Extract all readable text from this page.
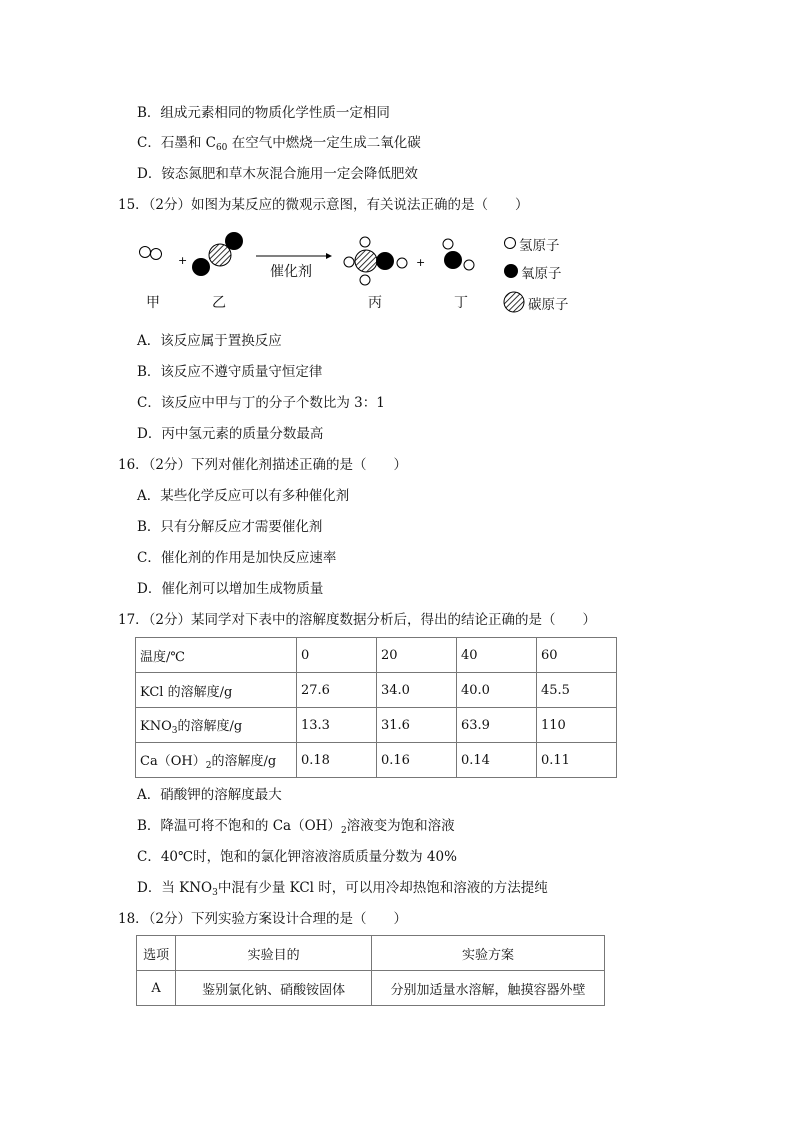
B．组成元素相同的物质化学性质一定相同
C．石墨和 $C_{60}$ 在空气中燃烧一定生成二氧化碳
D．铵态氮肥和草木灰混合施用一定会降低肥效
15．（2分）如图为某反应的微观示意图，有关说法正确的是（　　）
+	+
催化剂
甲	乙	丙	丁
氢原子
氧原子
碳原子
A．该反应属于置换反应
B．该反应不遵守质量守恒定律
C．该反应中甲与丁的分子个数比为 3：1
D．丙中氢元素的质量分数最高
16．（2分）下列对催化剂描述正确的是（　　）
A．某些化学反应可以有多种催化剂
B．只有分解反应才需要催化剂
C．催化剂的作用是加快反应速率
D．催化剂可以增加生成物质量
17．（2分）某同学对下表中的溶解度数据分析后，得出的结论正确的是（　　）
温度/℃	0	20	40	60
KCl 的溶解度/g	27.6	34.0	40.0	45.5
$KNO_3$的溶解度/g	13.3	31.6	63.9	110
$Ca(OH)_2$的溶解度/g	0.18	0.16	0.14	0.11
A．硝酸钾的溶解度最大
B．降温可将不饱和的 $Ca(OH)_2$溶液变为饱和溶液
C．40℃时，饱和的氯化钾溶液溶质质量分数为 40%
D．当 $KNO_3$中混有少量 KCl 时，可以用冷却热饱和溶液的方法提纯
18．（2分）下列实验方案设计合理的是（　　）
选项	实验目的	实验方案
A	鉴别氯化钠、硝酸铵固体	分别加适量水溶解，触摸容器外壁
